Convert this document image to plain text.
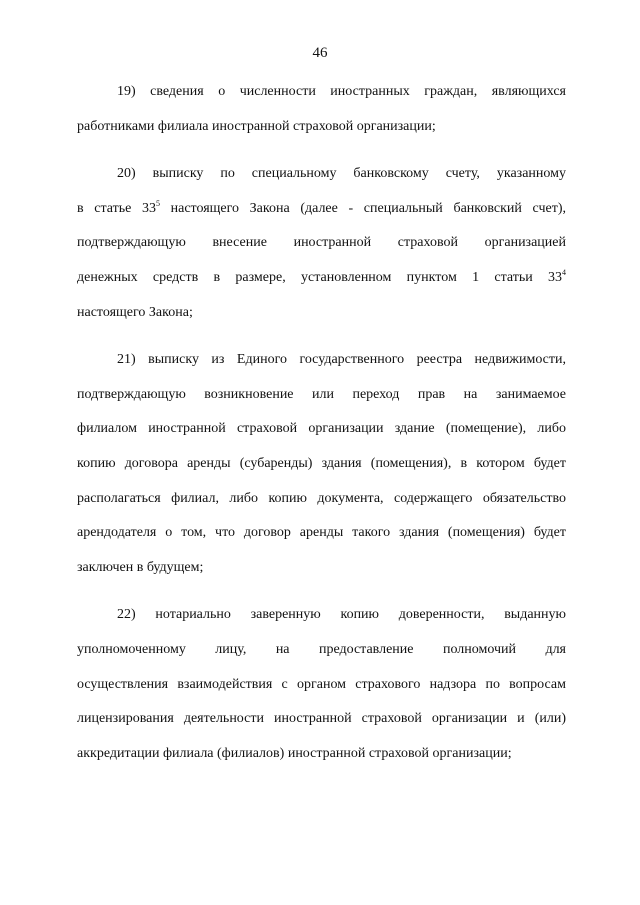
46
19) сведения о численности иностранных граждан, являющихся
работниками филиала иностранной страховой организации;
20) выписку по специальному банковскому счету, указанному
в статье $33^5$ настоящего Закона (далее - специальный банковский счет),
подтверждающую внесение иностранной страховой организацией
денежных средств в размере, установленном пунктом 1 статьи $33^4$
настоящего Закона;
21) выписку из Единого государственного реестра недвижимости,
подтверждающую возникновение или переход прав на занимаемое
филиалом иностранной страховой организации здание (помещение), либо
копию договора аренды (субаренды) здания (помещения), в котором будет
располагаться филиал, либо копию документа, содержащего обязательство
арендодателя о том, что договор аренды такого здания (помещения) будет
заключен в будущем;
22) нотариально заверенную копию доверенности, выданную
уполномоченному лицу, на предоставление полномочий для
осуществления взаимодействия с органом страхового надзора по вопросам
лицензирования деятельности иностранной страховой организации и (или)
аккредитации филиала (филиалов) иностранной страховой организации;
